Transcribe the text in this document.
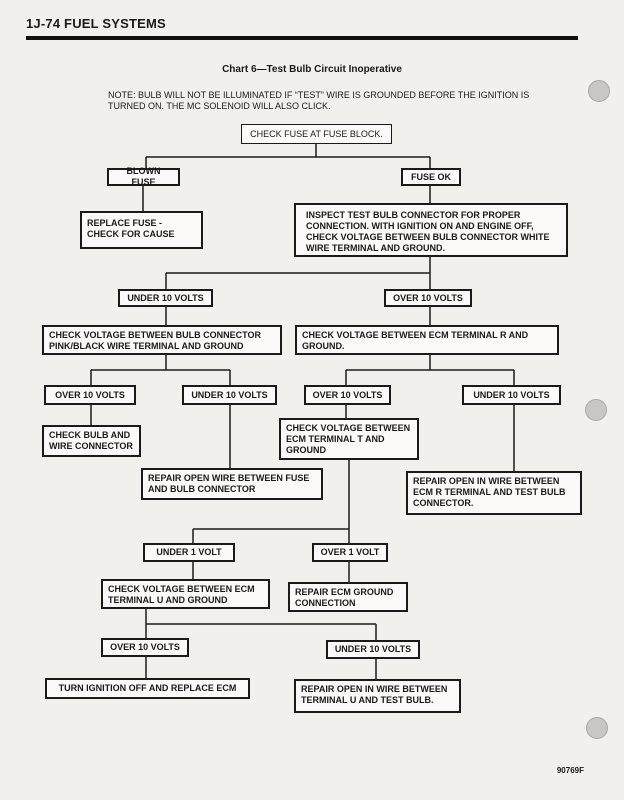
1J-74 FUEL SYSTEMS
Chart 6—Test Bulb Circuit Inoperative
NOTE: BULB WILL NOT BE ILLUMINATED IF “TEST” WIRE IS GROUNDED BEFORE THE IGNITION IS TURNED ON. THE MC SOLENOID WILL ALSO CLICK.
CHECK FUSE AT FUSE BLOCK.
BLOWN FUSE
FUSE OK
REPLACE FUSE - CHECK FOR CAUSE
INSPECT TEST BULB CONNECTOR FOR PROPER CONNECTION. WITH IGNITION ON AND ENGINE OFF, CHECK VOLTAGE BETWEEN BULB CONNECTOR WHITE WIRE TERMINAL AND GROUND.
UNDER 10 VOLTS	OVER 10 VOLTS
CHECK VOLTAGE BETWEEN BULB CONNECTOR PINK/BLACK WIRE TERMINAL AND GROUND
CHECK VOLTAGE BETWEEN ECM TERMINAL R AND GROUND.
OVER 10 VOLTS	UNDER 10 VOLTS	OVER 10 VOLTS	UNDER 10 VOLTS
CHECK BULB AND WIRE CONNECTOR
CHECK VOLTAGE BETWEEN ECM TERMINAL T AND GROUND
REPAIR OPEN WIRE BETWEEN FUSE AND BULB CONNECTOR
REPAIR OPEN IN WIRE BETWEEN ECM R TERMINAL AND TEST BULB CONNECTOR.
UNDER 1 VOLT	OVER 1 VOLT
CHECK VOLTAGE BETWEEN ECM TERMINAL U AND GROUND
REPAIR ECM GROUND CONNECTION
OVER 10 VOLTS	UNDER 10 VOLTS
TURN IGNITION OFF AND REPLACE ECM	REPAIR OPEN IN WIRE BETWEEN TERMINAL U AND TEST BULB.
90769F
